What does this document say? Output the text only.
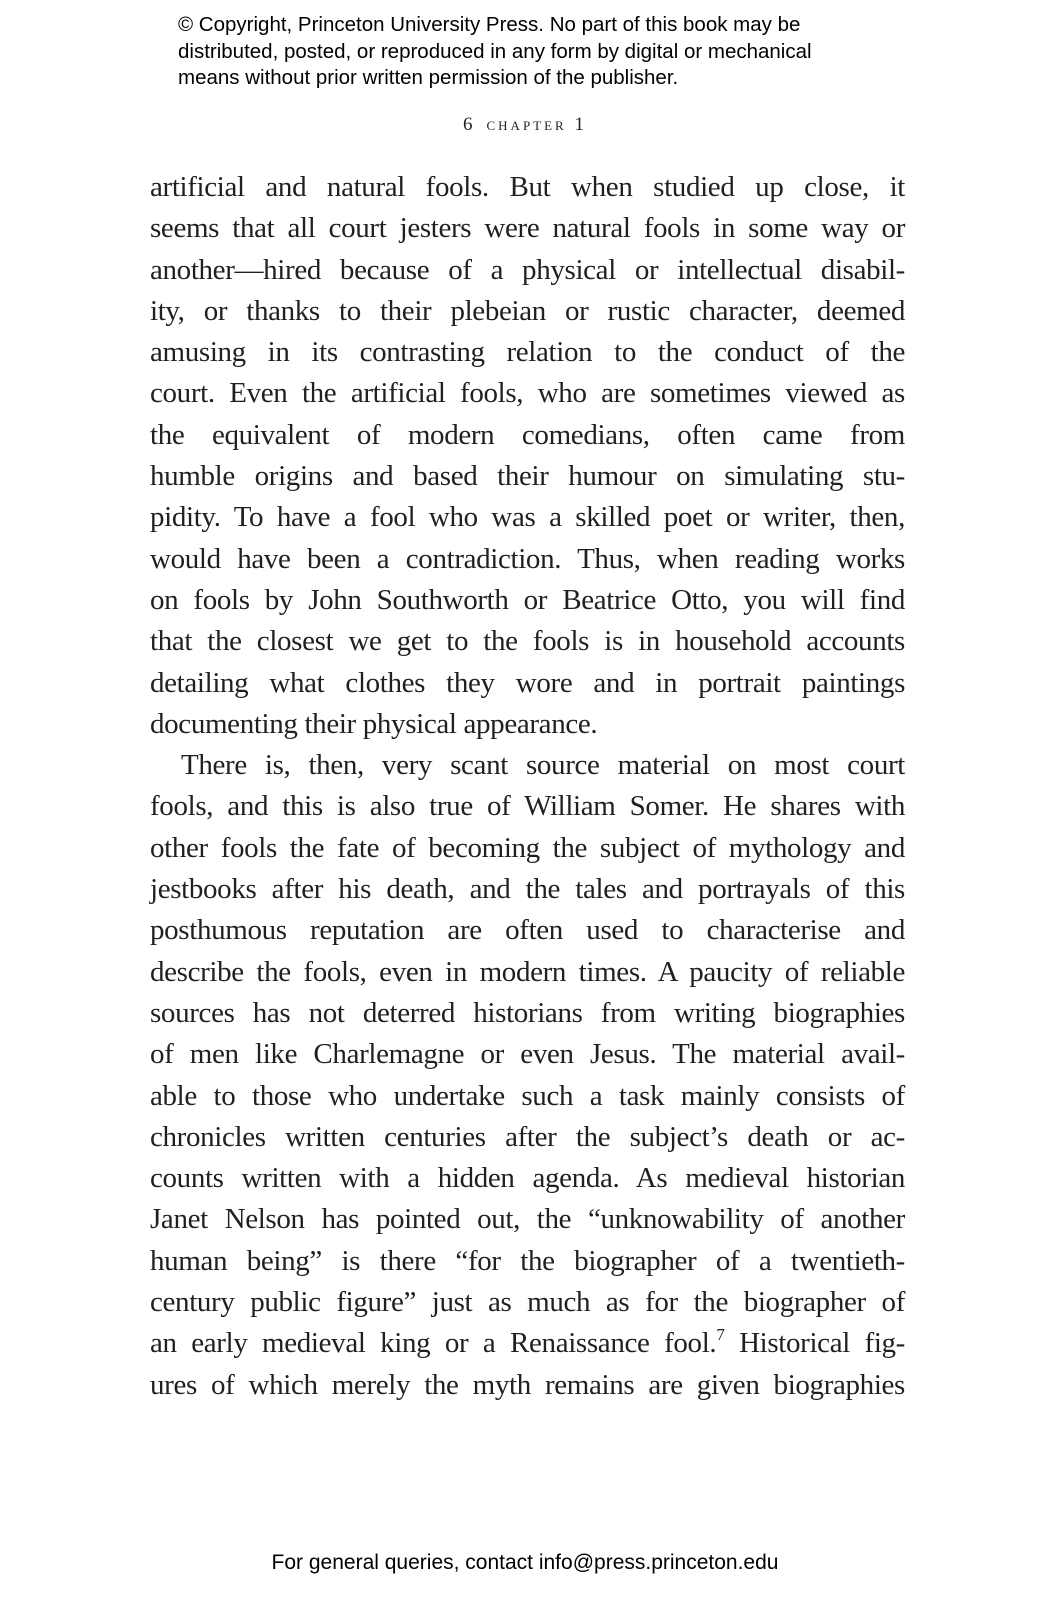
© Copyright, Princeton University Press. No part of this book may be
distributed, posted, or reproduced in any form by digital or mechanical
means without prior written permission of the publisher.
6 chapter 1
artificial and natural fools. But when studied up close, it
seems that all court jesters were natural fools in some way or
another—hired because of a physical or intellectual disabil-
ity, or thanks to their plebeian or rustic character, deemed
amusing in its contrasting relation to the conduct of the
court. Even the artificial fools, who are sometimes viewed as
the equivalent of modern comedians, often came from
humble origins and based their humour on simulating stu-
pidity. To have a fool who was a skilled poet or writer, then,
would have been a contradiction. Thus, when reading works
on fools by John Southworth or Beatrice Otto, you will find
that the closest we get to the fools is in household accounts
detailing what clothes they wore and in portrait paintings
documenting their physical appearance.
There is, then, very scant source material on most court
fools, and this is also true of William Somer. He shares with
other fools the fate of becoming the subject of mythology and
jestbooks after his death, and the tales and portrayals of this
posthumous reputation are often used to characterise and
describe the fools, even in modern times. A paucity of reliable
sources has not deterred historians from writing biographies
of men like Charlemagne or even Jesus. The material avail-
able to those who undertake such a task mainly consists of
chronicles written centuries after the subject’s death or ac-
counts written with a hidden agenda. As medieval historian
Janet Nelson has pointed out, the “unknowability of another
human being” is there “for the biographer of a twentieth-
century public figure” just as much as for the biographer of
an early medieval king or a Renaissance fool.$^7$ Historical fig-
ures of which merely the myth remains are given biographies
For general queries, contact info@press.princeton.edu
